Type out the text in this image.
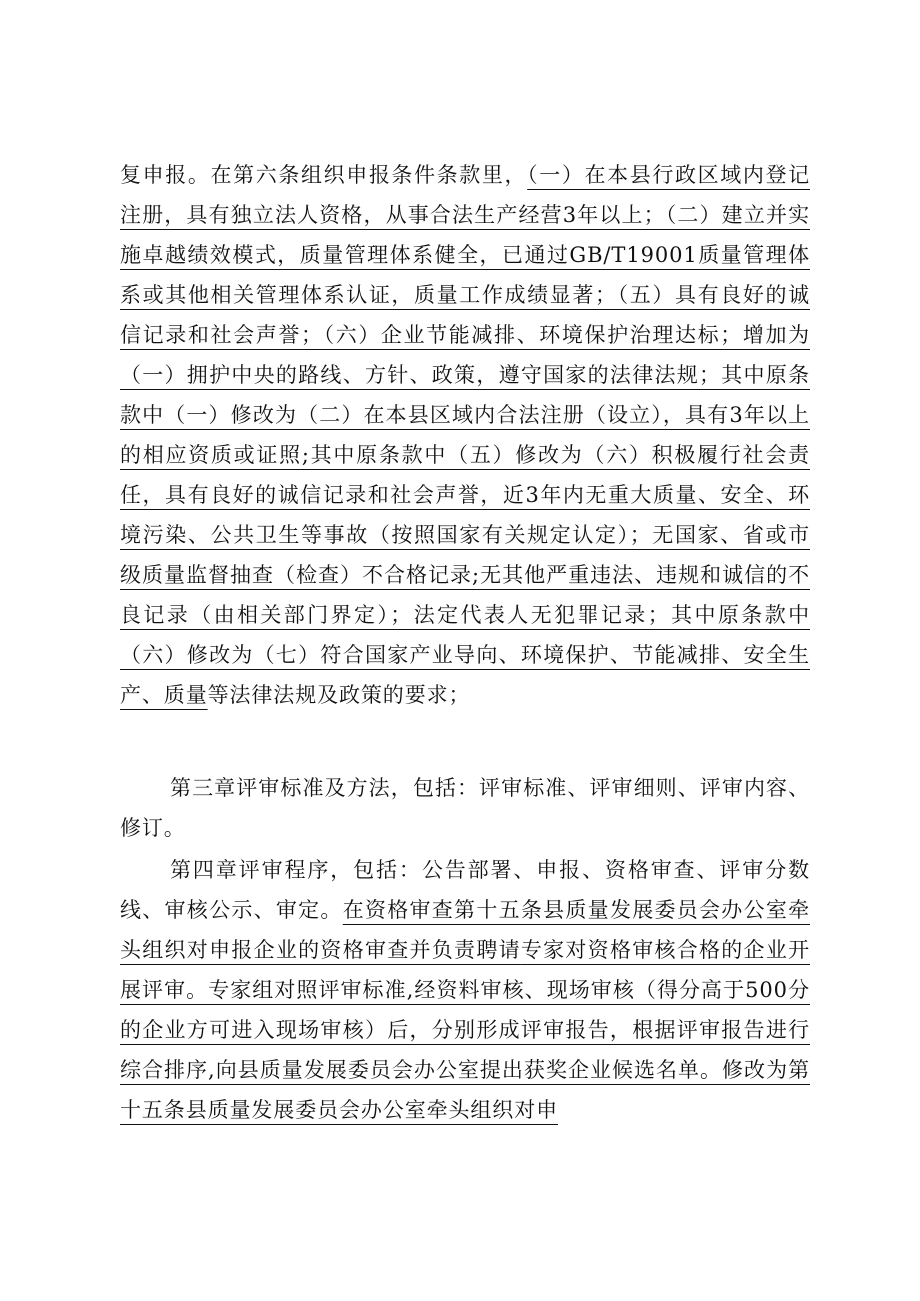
复申报。在第六条组织申报条件条款里，（一）在本县行政区域内登记注册，具有独立法人资格，从事合法生产经营3年以上；（二）建立并实施卓越绩效模式，质量管理体系健全，已通过GB/T19001质量管理体系或其他相关管理体系认证，质量工作成绩显著；（五）具有良好的诚信记录和社会声誉；（六）企业节能减排、环境保护治理达标；增加为（一）拥护中央的路线、方针、政策，遵守国家的法律法规；其中原条款中（一）修改为（二）在本县区域内合法注册（设立），具有3年以上的相应资质或证照;其中原条款中（五）修改为（六）积极履行社会责任，具有良好的诚信记录和社会声誉，近3年内无重大质量、安全、环境污染、公共卫生等事故（按照国家有关规定认定）；无国家、省或市级质量监督抽查（检查）不合格记录;无其他严重违法、违规和诚信的不良记录（由相关部门界定）；法定代表人无犯罪记录；其中原条款中（六）修改为（七）符合国家产业导向、环境保护、节能减排、安全生产、质量等法律法规及政策的要求；

第三章评审标准及方法，包括：评审标准、评审细则、评审内容、修订。

第四章评审程序，包括：公告部署、申报、资格审查、评审分数线、审核公示、审定。在资格审查第十五条县质量发展委员会办公室牵头组织对申报企业的资格审查并负责聘请专家对资格审核合格的企业开展评审。专家组对照评审标准,经资料审核、现场审核（得分高于500分的企业方可进入现场审核）后，分别形成评审报告，根据评审报告进行综合排序,向县质量发展委员会办公室提出获奖企业候选名单。修改为第十五条县质量发展委员会办公室牵头组织对申
